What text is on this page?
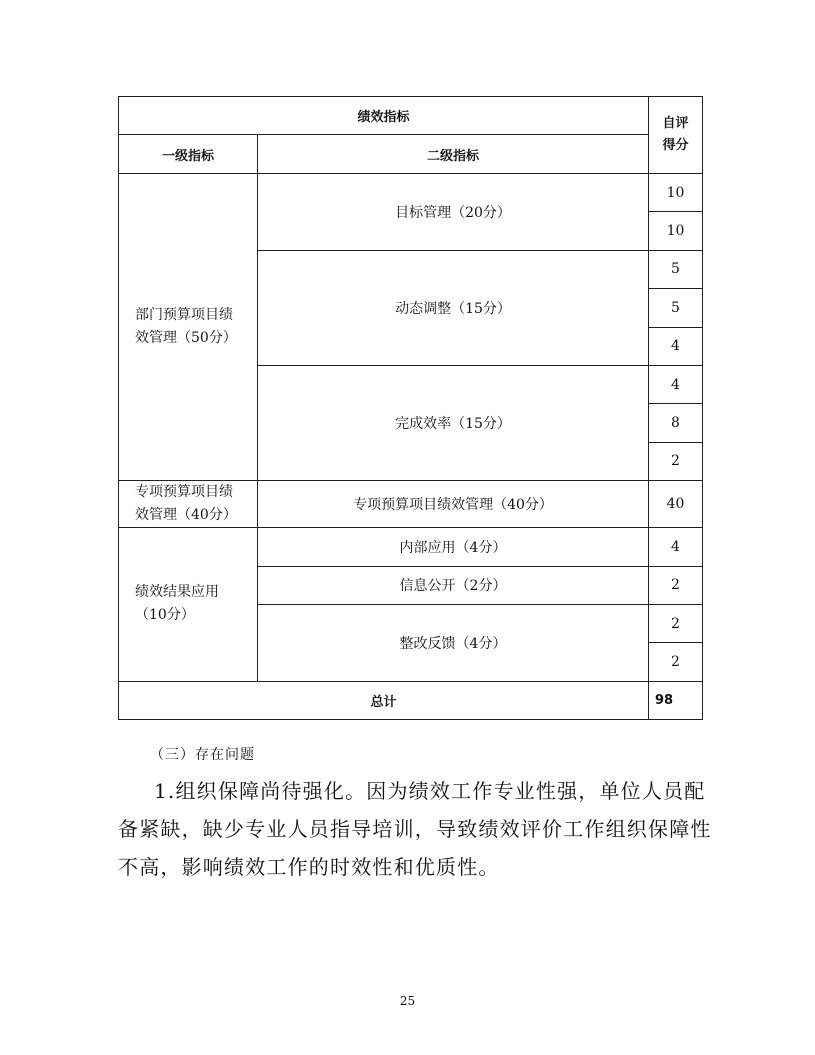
绩效指标		自评
得分
一级指标	二级指标	
部门预算项目绩效管理（50分）	目标管理（20分）	10
		10
	动态调整（15分）	5
		5
		4
	完成效率（15分）	4
		8
		2
专项预算项目绩效管理（40分）	专项预算项目绩效管理（40分）	40
绩效结果应用（10分）	内部应用（4分）	4
	信息公开（2分）	2
	整改反馈（4分）	2
		2
总计		98
（三）存在问题
1.组织保障尚待强化。因为绩效工作专业性强，单位人员配备紧缺，缺少专业人员指导培训，导致绩效评价工作组织保障性不高，影响绩效工作的时效性和优质性。
25
